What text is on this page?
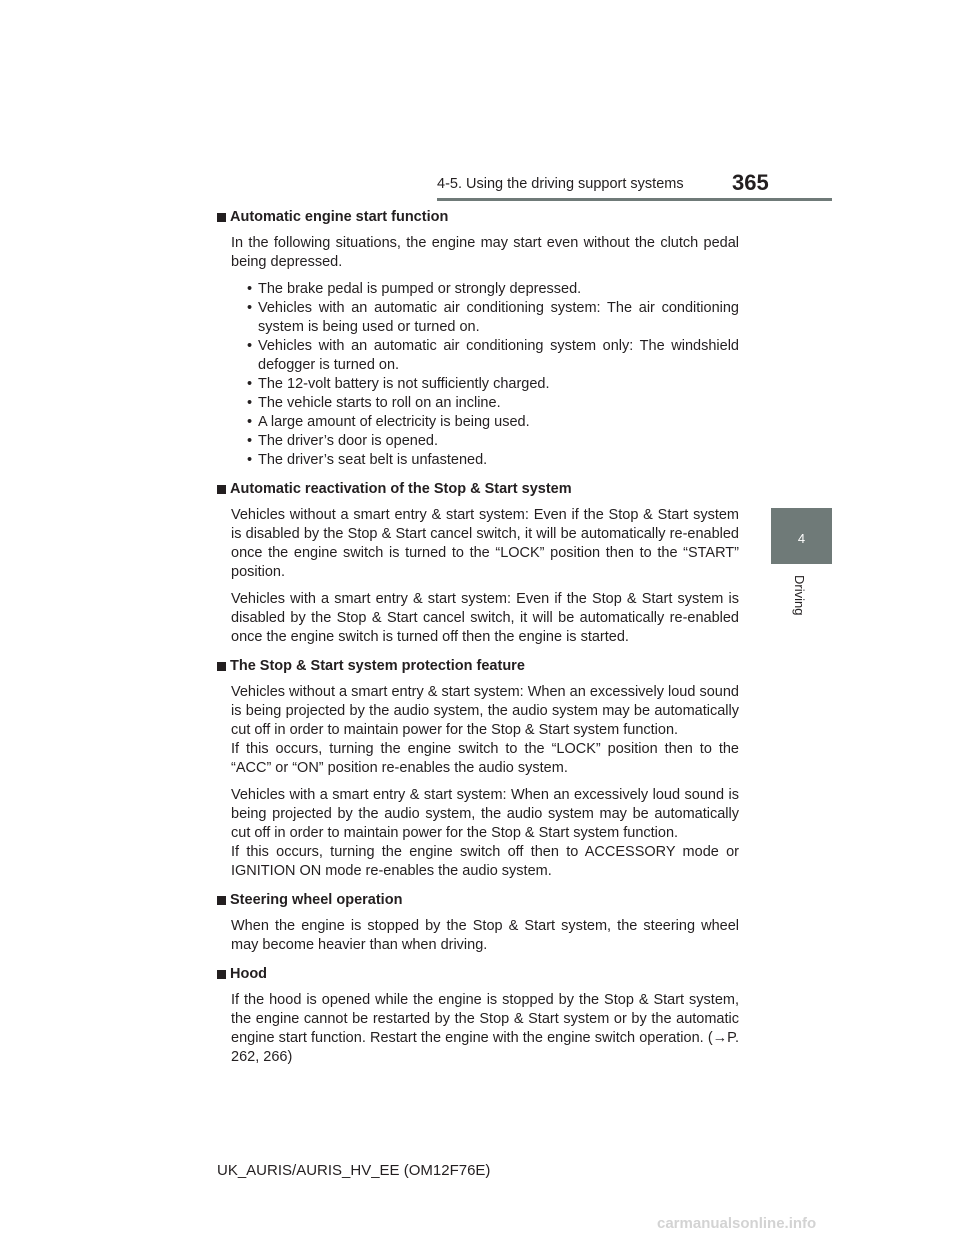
4-5. Using the driving support systems 365
4
Driving
Automatic engine start function

In the following situations, the engine may start even without the clutch pedal being depressed.

• The brake pedal is pumped or strongly depressed.
• Vehicles with an automatic air conditioning system: The air conditioning system is being used or turned on.
• Vehicles with an automatic air conditioning system only: The windshield defogger is turned on.
• The 12-volt battery is not sufficiently charged.
• The vehicle starts to roll on an incline.
• A large amount of electricity is being used.
• The driver’s door is opened.
• The driver’s seat belt is unfastened.
Automatic reactivation of the Stop & Start system

Vehicles without a smart entry & start system: Even if the Stop & Start system is disabled by the Stop & Start cancel switch, it will be automatically re-enabled once the engine switch is turned to the “LOCK” position then to the “START” position.

Vehicles with a smart entry & start system: Even if the Stop & Start system is disabled by the Stop & Start cancel switch, it will be automatically re-enabled once the engine switch is turned off then the engine is started.

The Stop & Start system protection feature

Vehicles without a smart entry & start system: When an excessively loud sound is being projected by the audio system, the audio system may be automatically cut off in order to maintain power for the Stop & Start system function.

If this occurs, turning the engine switch to the “LOCK” position then to the “ACC” or “ON” position re-enables the audio system.

Vehicles with a smart entry & start system: When an excessively loud sound is being projected by the audio system, the audio system may be automatically cut off in order to maintain power for the Stop & Start system function.

If this occurs, turning the engine switch off then to ACCESSORY mode or IGNITION ON mode re-enables the audio system.

Steering wheel operation

When the engine is stopped by the Stop & Start system, the steering wheel may become heavier than when driving.

Hood

If the hood is opened while the engine is stopped by the Stop & Start system, the engine cannot be restarted by the Stop & Start system or by the automatic engine start function. Restart the engine with the engine switch operation. (→P. 262, 266)

UK_AURIS/AURIS_HV_EE (OM12F76E)
carmanualsonline.info
